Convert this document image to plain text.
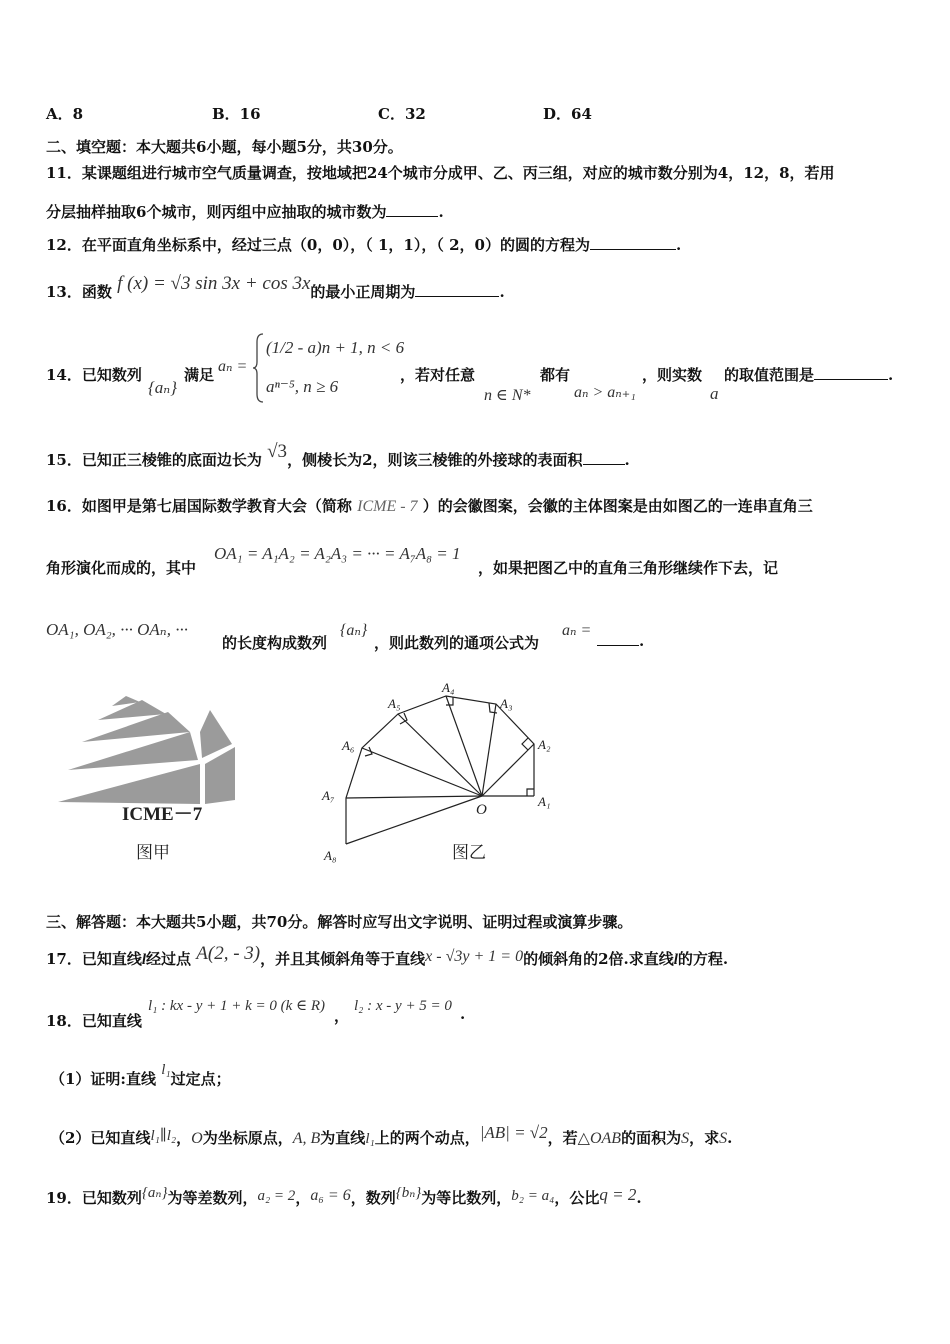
A．8	B．16	C．32	D．64
二、填空题：本大题共6小题，每小题5分，共30分。
11．某课题组进行城市空气质量调查，按地域把24个城市分成甲、乙、丙三组，对应的城市数分别为4，12，8，若用
分层抽样抽取6个城市，则丙组中应抽取的城市数为	.
12．在平面直角坐标系中，经过三点（0，0），（ 1，1），（ 2，0）的圆的方程为	.
13．函数 f (x) = √3 sin 3x + cos 3x的最小正周期为	.
14．已知数列
{aₙ}
满足 aₙ =
(1/2 - a)n + 1, n < 6
aⁿ⁻⁵, n ≥ 6
，若对任意
n ∈ N*
都有
aₙ > aₙ₊₁
，则实数
a
的取值范围是	.
15．已知正三棱锥的底面边长为 √3，侧棱长为2，则该三棱锥的外接球的表面积	.
16．如图甲是第七届国际数学教育大会（简称 ICME - 7 ）的会徽图案，会徽的主体图案是由如图乙的一连串直角三
角形演化而成的，其中
OA₁ = A₁A₂ = A₂A₃ = ··· = A₇A₈ = 1
，如果把图乙中的直角三角形继续作下去，记
OA₁, OA₂, ··· OAₙ, ···
的长度构成数列
{aₙ}
，则此数列的通项公式为
aₙ =
.
ICME－7
图甲
O
A₁
A₂
A₃
A₄
A₅
A₆
A₇
A₈	图乙
三、解答题：本大题共5小题，共70分。解答时应写出文字说明、证明过程或演算步骤。
17．已知直线l经过点 A(2, - 3)，并且其倾斜角等于直线x - √3y + 1 = 0的倾斜角的2倍.求直线l的方程.
18．已知直线
l₁ : kx - y + 1 + k = 0 (k ∈ R)
，
l₂ : x - y + 5 = 0 .
（1）证明:直线 l₁过定点；
（2）已知直线l₁∥l₂，O为坐标原点，A, B为直线l₁上的两个动点，|AB| = √2，若△OAB的面积为S，求S.
19．已知数列{aₙ}为等差数列，a₂ = 2，a₆ = 6，数列{bₙ}为等比数列，b₂ = a₄，公比q = 2.
